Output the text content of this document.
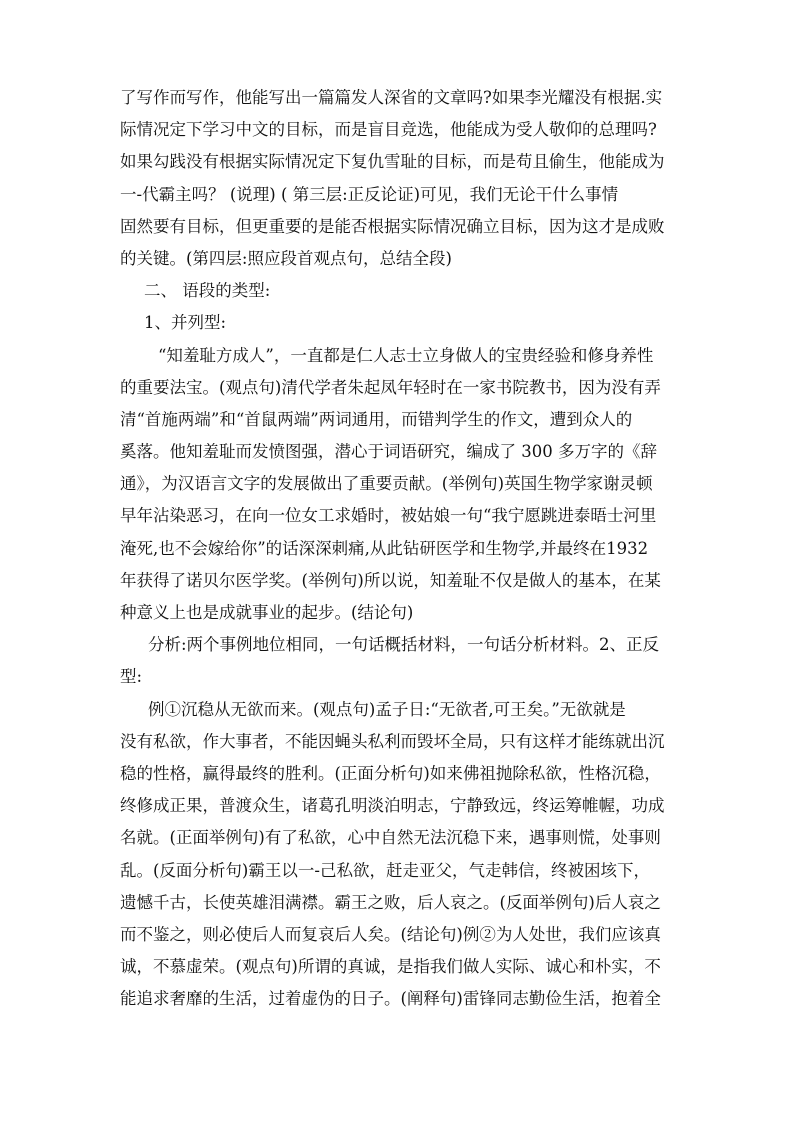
了写作而写作，他能写出一篇篇发人深省的文章吗?如果李光耀没有根据.实
际情况定下学习中文的目标，而是盲目竞选，他能成为受人敬仰的总理吗?
如果勾践没有根据实际情况定下复仇雪耻的目标，而是苟且偷生，他能成为
一-代霸主吗？ (说理) ( 第三层:正反论证)可见，我们无论干什么事情
固然要有目标，但更重要的是能否根据实际情况确立目标，因为这才是成败
的关键。(第四层:照应段首观点句，总结全段)
二、 语段的类型:
1、并列型:
“知羞耻方成人”，一直都是仁人志士立身做人的宝贵经验和修身养性
的重要法宝。(观点句)清代学者朱起凤年轻时在一家书院教书，因为没有弄
清“首施两端”和“首鼠两端”两词通用，而错判学生的作文，遭到众人的
奚落。他知羞耻而发愤图强，潜心于词语研究，编成了 300 多万字的《辞
通》，为汉语言文字的发展做出了重要贡献。(举例句)英国生物学家谢灵顿
早年沾染恶习，在向一位女工求婚时，被姑娘一句“我宁愿跳进泰晤士河里
淹死,也不会嫁给你”的话深深刺痛,从此钻研医学和生物学,并最终在1932
年获得了诺贝尔医学奖。(举例句)所以说，知羞耻不仅是做人的基本，在某
种意义上也是成就事业的起步。(结论句)
分析:两个事例地位相同，一句话概括材料，一句话分析材料。2、正反
型:
例①沉稳从无欲而来。(观点句)孟子日:“无欲者,可王矣。”无欲就是
没有私欲，作大事者，不能因蝇头私利而毁坏全局，只有这样才能练就出沉
稳的性格，赢得最终的胜利。(正面分析句)如来佛祖抛除私欲，性格沉稳，
终修成正果，普渡众生，诸葛孔明淡泊明志，宁静致远，终运筹帷幄，功成
名就。(正面举例句)有了私欲，心中自然无法沉稳下来，遇事则慌，处事则
乱。(反面分析句)霸王以一-己私欲，赶走亚父，气走韩信，终被困垓下，
遗憾千古，长使英雄泪满襟。霸王之败，后人哀之。(反面举例句)后人哀之
而不鉴之，则必使后人而复哀后人矣。(结论句)例②为人处世，我们应该真
诚，不慕虚荣。(观点句)所谓的真诚，是指我们做人实际、诚心和朴实，不
能追求奢靡的生活，过着虚伪的日子。(阐释句)雷锋同志勤俭生活，抱着全
